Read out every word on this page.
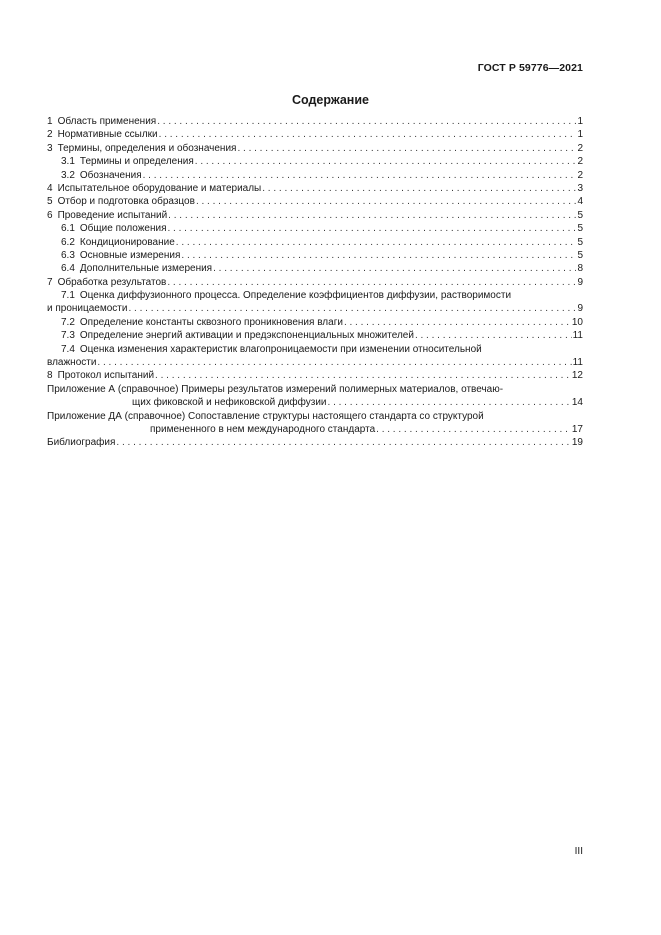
ГОСТ Р 59776—2021
Содержание
1 Область применения . . .	1
2 Нормативные ссылки . . .	1
3 Термины, определения и обозначения . . .	2
3.1 Термины и определения . . .	2
3.2 Обозначения . . .	2
4 Испытательное оборудование и материалы . . .	3
5 Отбор и подготовка образцов . . .	4
6 Проведение испытаний . . .	5
6.1 Общие положения . . .	5
6.2 Кондиционирование . . .	5
6.3 Основные измерения . . .	5
6.4 Дополнительные измерения . . .	8
7 Обработка результатов . . .	9
7.1 Оценка диффузионного процесса. Определение коэффициентов диффузии, растворимости
и проницаемости . . .	9
7.2 Определение константы сквозного проникновения влаги . . .	10
7.3 Определение энергий активации и предэкспоненциальных множителей . . .	11
7.4 Оценка изменения характеристик влагопроницаемости при изменении относительной
влажности . . .	11
8 Протокол испытаний . . .	12
Приложение А (справочное) Примеры результатов измерений полимерных материалов, отвечаю-
щих фиковской и нефиковской диффузии . . .	14
Приложение ДА (справочное) Сопоставление структуры настоящего стандарта со структурой
примененного в нем международного стандарта . . .	17
Библиография . . .	19
III
